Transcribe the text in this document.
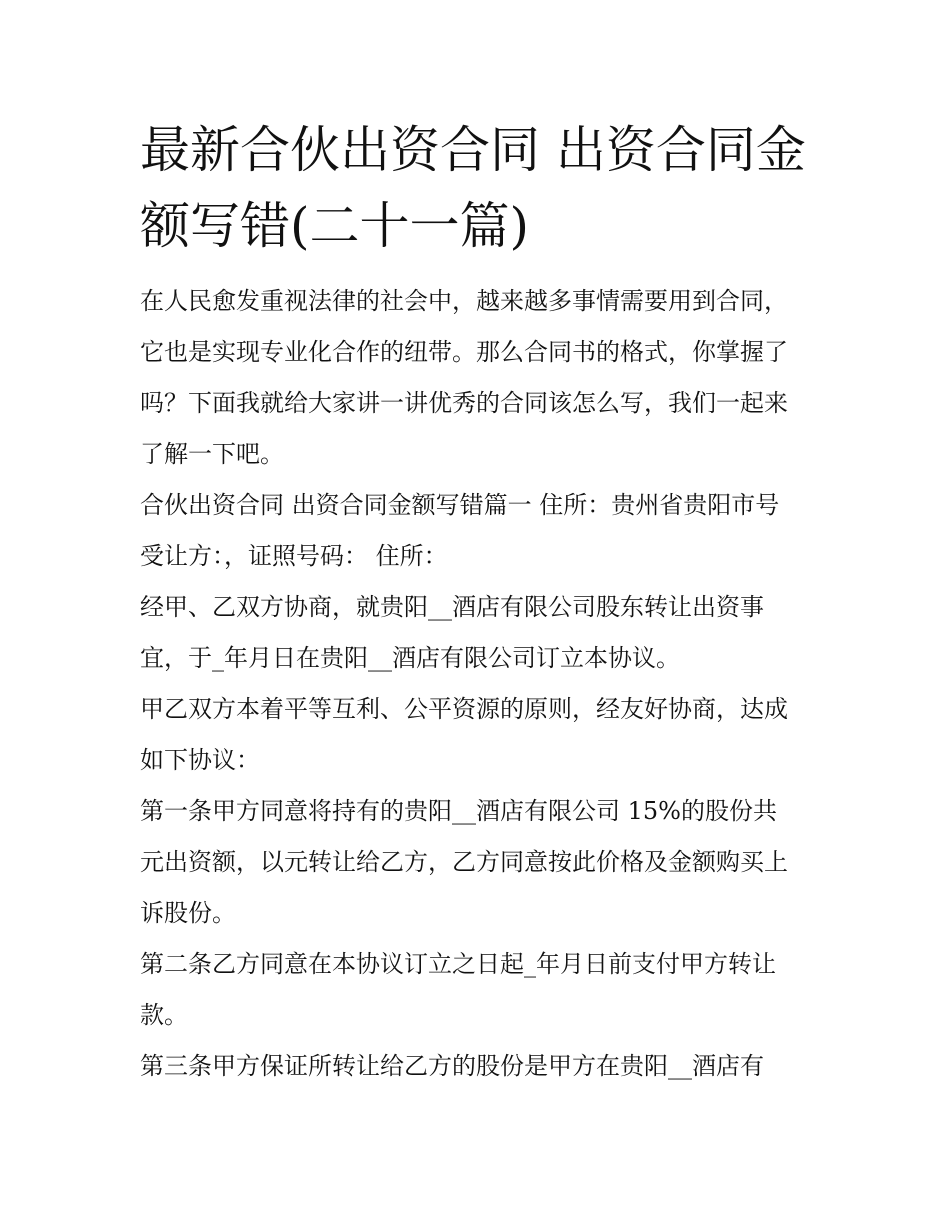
最新合伙出资合同 出资合同金
额写错(二十一篇)

在人民愈发重视法律的社会中，越来越多事情需要用到合同，
它也是实现专业化合作的纽带。那么合同书的格式，你掌握了
吗？下面我就给大家讲一讲优秀的合同该怎么写，我们一起来
了解一下吧。

合伙出资合同 出资合同金额写错篇一 住所：贵州省贵阳市号
受让方：，证照号码： 住所：

经甲、乙双方协商，就贵阳__酒店有限公司股东转让出资事
宜，于_年月日在贵阳__酒店有限公司订立本协议。

甲乙双方本着平等互利、公平资源的原则，经友好协商，达成
如下协议：

第一条甲方同意将持有的贵阳__酒店有限公司 15%的股份共
元出资额，以元转让给乙方，乙方同意按此价格及金额购买上
诉股份。

第二条乙方同意在本协议订立之日起_年月日前支付甲方转让
款。

第三条甲方保证所转让给乙方的股份是甲方在贵阳__酒店有
